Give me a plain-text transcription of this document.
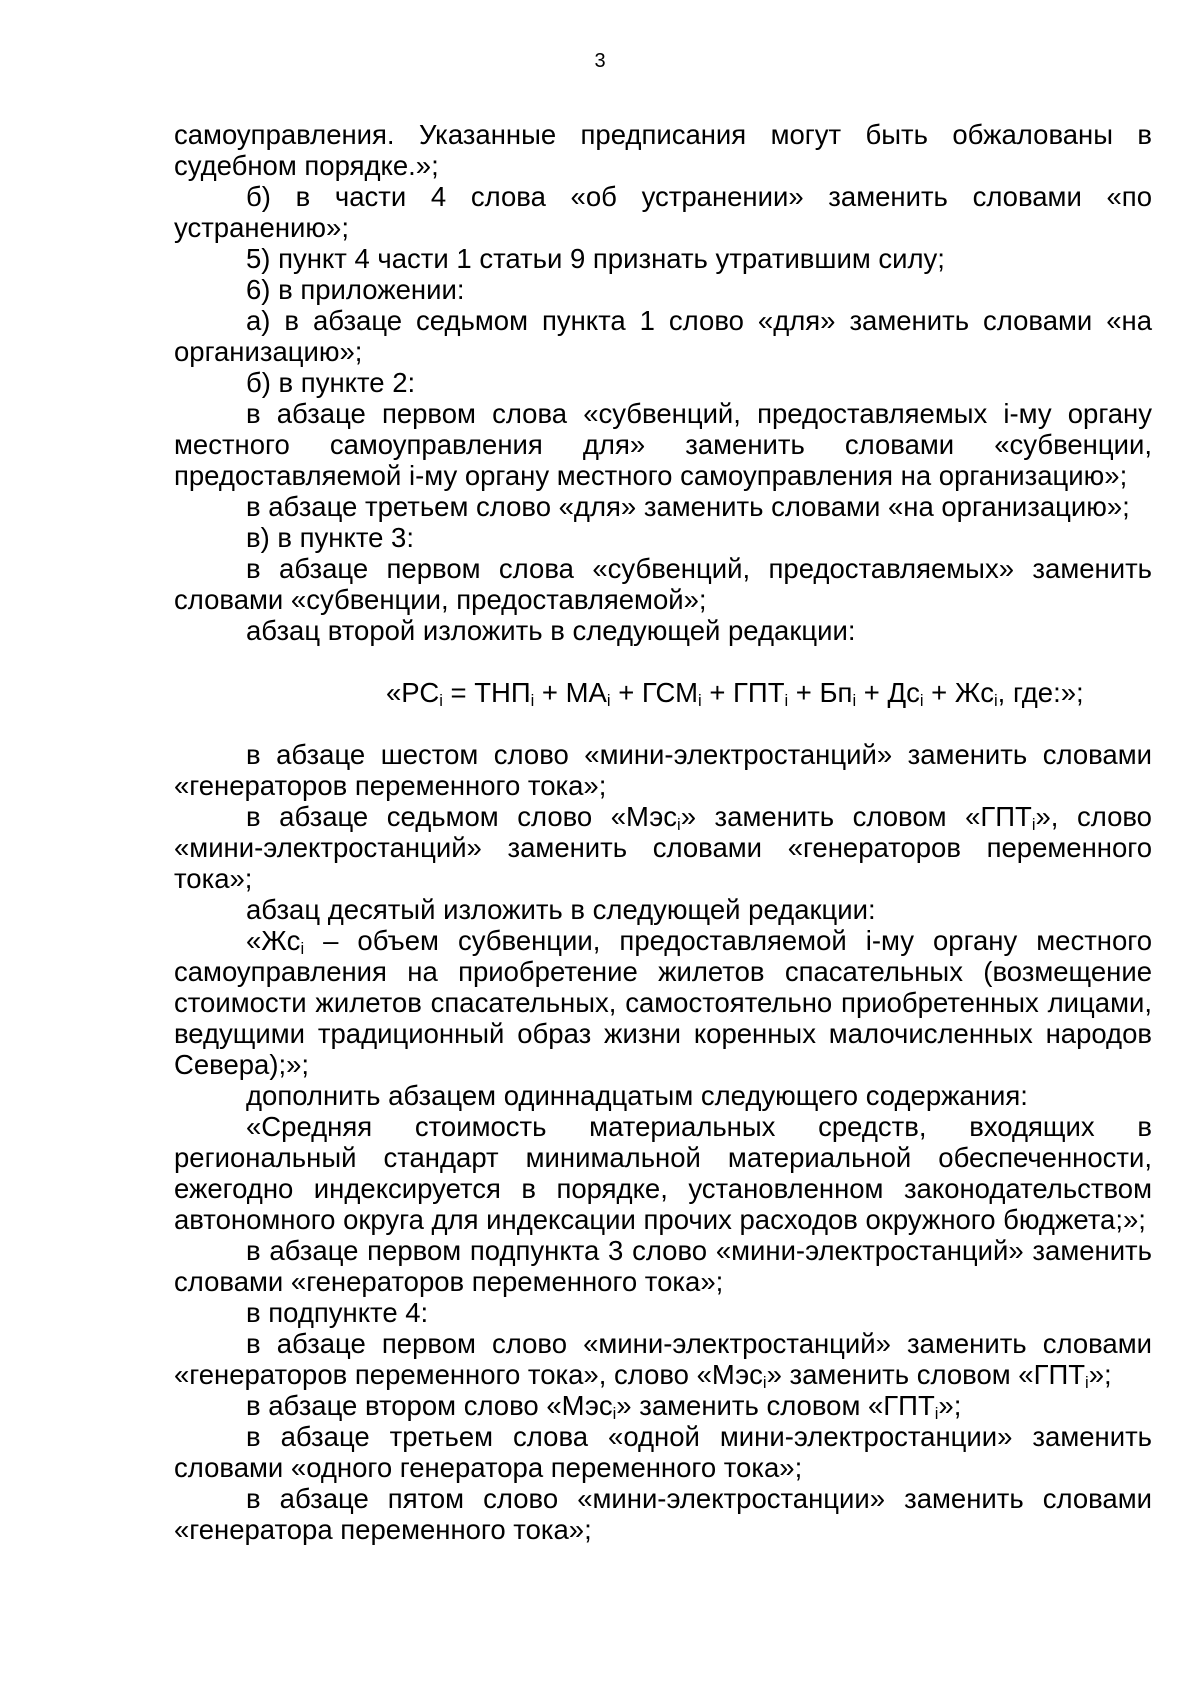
3

самоуправления. Указанные предписания могут быть обжалованы в судебном порядке.»;

б) в части 4 слова «об устранении» заменить словами «по устранению»;

5) пункт 4 части 1 статьи 9 признать утратившим силу;

6) в приложении:

а) в абзаце седьмом пункта 1 слово «для» заменить словами «на организацию»;

б) в пункте 2:

в абзаце первом слова «субвенций, предоставляемых i-му органу местного самоуправления для» заменить словами «субвенции, предоставляемой i-му органу местного самоуправления на организацию»;

в абзаце третьем слово «для» заменить словами «на организацию»;

в) в пункте 3:

в абзаце первом слова «субвенций, предоставляемых» заменить словами «субвенции, предоставляемой»;

абзац второй изложить в следующей редакции:

«$РС_i = ТНП_i + МА_i + ГСМ_i + ГПТ_i + Бп_i + Дс_i + Жс_i$, где:»;

в абзаце шестом слово «мини-электростанций» заменить словами «генераторов переменного тока»;

в абзаце седьмом слово «Мэс$_i$» заменить словом «$ГПТ_i$», слово «мини-электростанций» заменить словами «генераторов переменного тока»;

абзац десятый изложить в следующей редакции:

«$Жс_i$ – объем субвенции, предоставляемой i-му органу местного самоуправления на приобретение жилетов спасательных (возмещение стоимости жилетов спасательных, самостоятельно приобретенных лицами, ведущими традиционный образ жизни коренных малочисленных народов Севера);»;

дополнить абзацем одиннадцатым следующего содержания:

«Средняя стоимость материальных средств, входящих в региональный стандарт минимальной материальной обеспеченности, ежегодно индексируется в порядке, установленном законодательством автономного округа для индексации прочих расходов окружного бюджета;»;

в абзаце первом подпункта 3 слово «мини-электростанций» заменить словами «генераторов переменного тока»;

в подпункте 4:

в абзаце первом слово «мини-электростанций» заменить словами «генераторов переменного тока», слово «Мэс$_i$» заменить словом «$ГПТ_i$»;

в абзаце втором слово «Мэс$_i$» заменить словом «$ГПТ_i$»;

в абзаце третьем слова «одной мини-электростанции» заменить словами «одного генератора переменного тока»;

в абзаце пятом слово «мини-электростанции» заменить словами «генератора переменного тока»;
